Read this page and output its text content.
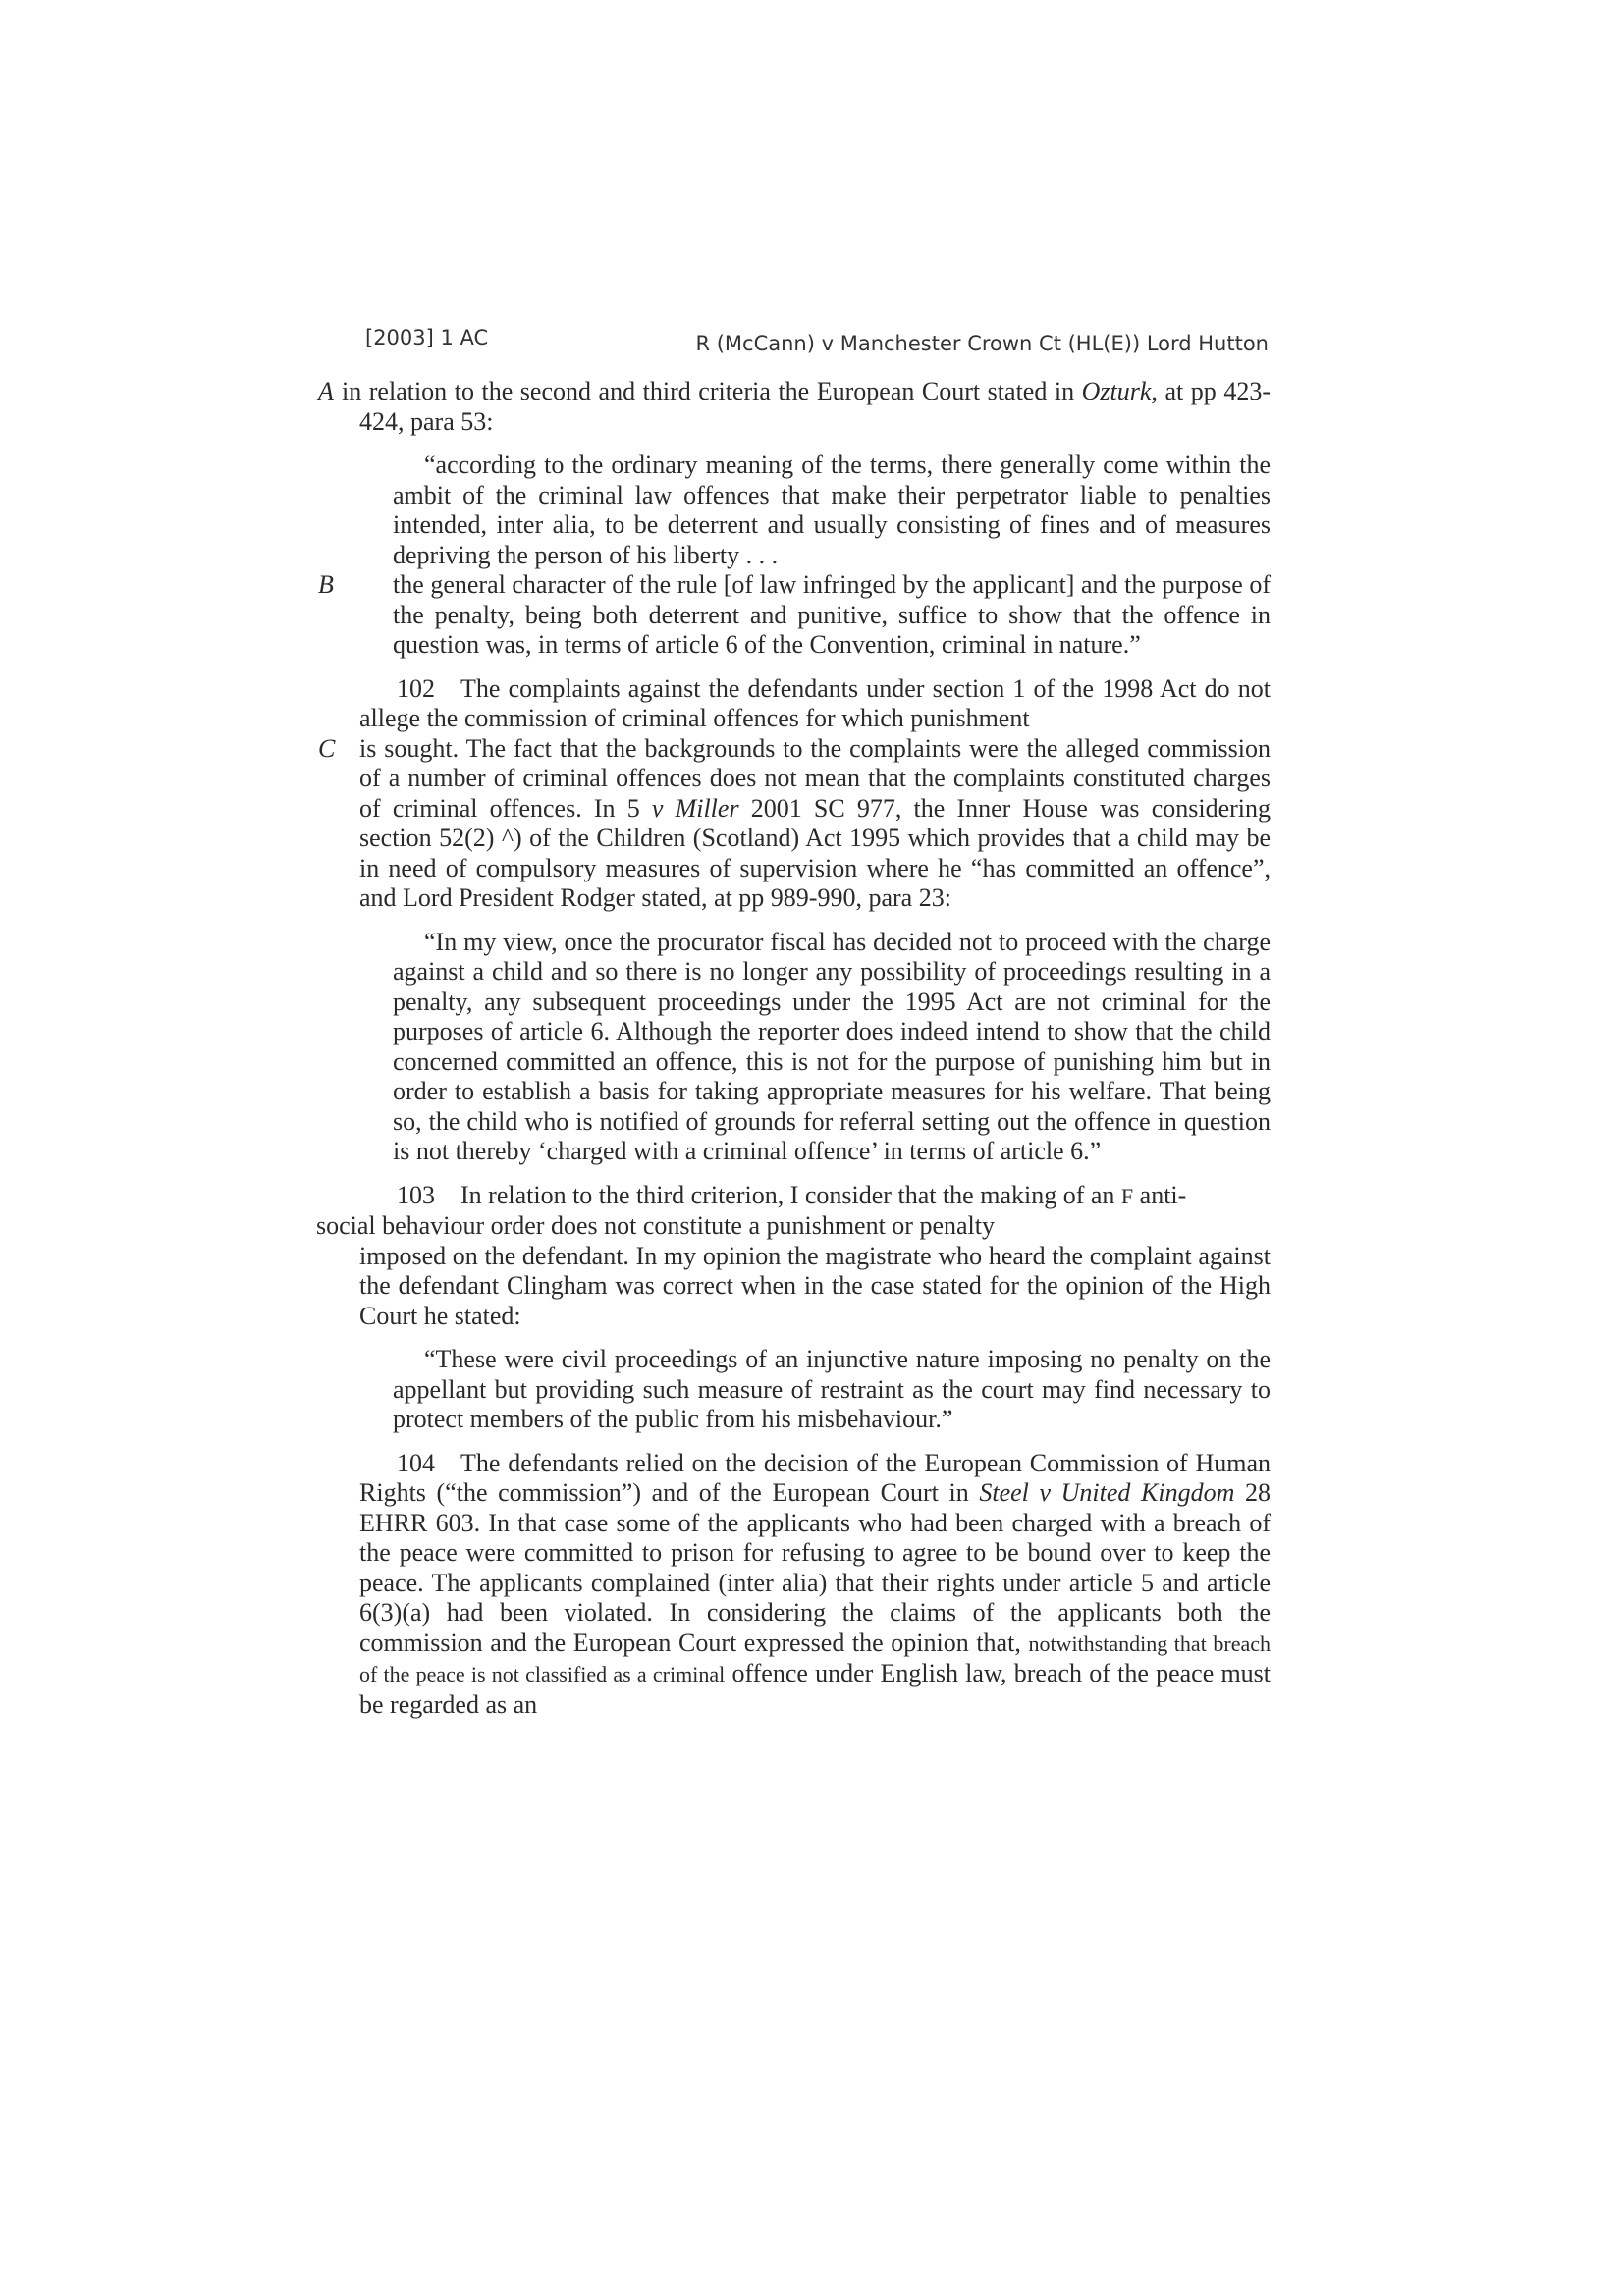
[2003] 1 AC	R (McCann) v Manchester Crown Ct (HL(E)) Lord Hutton

A in relation to the second and third criteria the European Court stated in Ozturk, at pp 423-424, para 53:

“according to the ordinary meaning of the terms, there generally come within the ambit of the criminal law offences that make their perpetrator liable to penalties intended, inter alia, to be deterrent and usually consisting of fines and of measures depriving the person of his liberty . . .

B	the general character of the rule [of law infringed by the applicant] and the purpose of the penalty, being both deterrent and punitive, suffice to show that the offence in question was, in terms of article 6 of the Convention, criminal in nature.”

102 The complaints against the defendants under section 1 of the 1998 Act do not allege the commission of criminal offences for which punishment

C is sought. The fact that the backgrounds to the complaints were the alleged commission of a number of criminal offences does not mean that the complaints constituted charges of criminal offences. In 5 v Miller 2001 SC 977, the Inner House was considering section 52(2) ^) of the Children (Scotland) Act 1995 which provides that a child may be in need of compulsory measures of supervision where he “has committed an offence”, and Lord President Rodger stated, at pp 989-990, para 23:

“In my view, once the procurator fiscal has decided not to proceed with the charge against a child and so there is no longer any possibility of proceedings resulting in a penalty, any subsequent proceedings under the 1995 Act are not criminal for the purposes of article 6. Although the reporter does indeed intend to show that the child concerned committed an offence, this is not for the purpose of punishing him but in order to establish a basis for taking appropriate measures for his welfare. That being so, the child who is notified of grounds for referral setting out the offence in question is not thereby ‘charged with a criminal offence’ in terms of article 6.”

103 In relation to the third criterion, I consider that the making of an F anti-

social behaviour order does not constitute a punishment or penalty

imposed on the defendant. In my opinion the magistrate who heard the complaint against the defendant Clingham was correct when in the case stated for the opinion of the High Court he stated:

“These were civil proceedings of an injunctive nature imposing no penalty on the appellant but providing such measure of restraint as the court may find necessary to protect members of the public from his misbehaviour.”

104 The defendants relied on the decision of the European Commission of Human Rights (“the commission”) and of the European Court in Steel v United Kingdom 28 EHRR 603. In that case some of the applicants who had been charged with a breach of the peace were committed to prison for refusing to agree to be bound over to keep the peace. The applicants complained (inter alia) that their rights under article 5 and article 6(3)(a) had been violated. In considering the claims of the applicants both the commission and the European Court expressed the opinion that, notwithstanding that breach of the peace is not classified as a criminal offence under English law, breach of the peace must be regarded as an
